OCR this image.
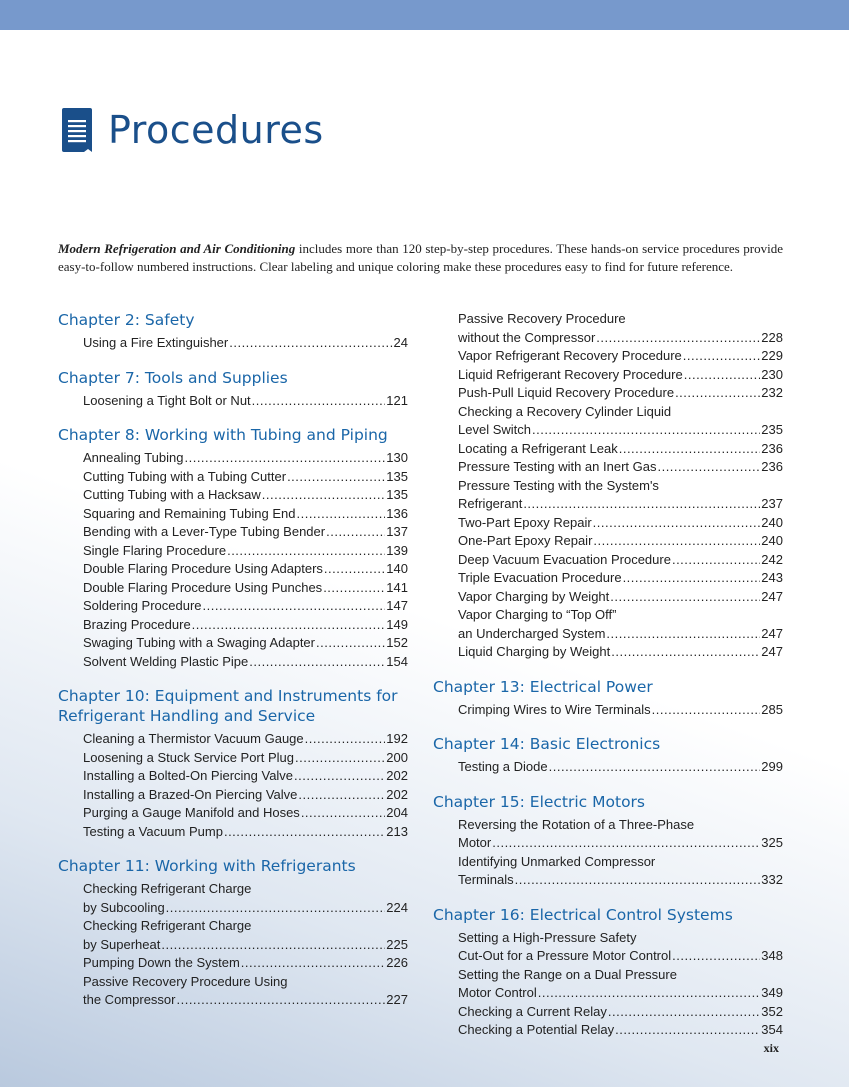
Procedures
Modern Refrigeration and Air Conditioning includes more than 120 step-by-step procedures. These hands-on service procedures provide easy-to-follow numbered instructions. Clear labeling and unique coloring make these procedures easy to find for future reference.
Chapter 2: Safety
Using a Fire Extinguisher .....	24
Chapter 7: Tools and Supplies
Loosening a Tight Bolt or Nut .....	121
Chapter 8: Working with Tubing and Piping
Annealing Tubing .....	130
Cutting Tubing with a Tubing Cutter .....	135
Cutting Tubing with a Hacksaw .....	135
Squaring and Remaining Tubing End .....	136
Bending with a Lever-Type Tubing Bender .....	137
Single Flaring Procedure .....	139
Double Flaring Procedure Using Adapters .....	140
Double Flaring Procedure Using Punches .....	141
Soldering Procedure .....	147
Brazing Procedure .....	149
Swaging Tubing with a Swaging Adapter .....	152
Solvent Welding Plastic Pipe .....	154
Chapter 10: Equipment and Instruments for Refrigerant Handling and Service
Cleaning a Thermistor Vacuum Gauge .....	192
Loosening a Stuck Service Port Plug .....	200
Installing a Bolted-On Piercing Valve .....	202
Installing a Brazed-On Piercing Valve .....	202
Purging a Gauge Manifold and Hoses .....	204
Testing a Vacuum Pump .....	213
Chapter 11: Working with Refrigerants
Checking Refrigerant Charge
by Subcooling .....	224
Checking Refrigerant Charge
by Superheat .....	225
Pumping Down the System .....	226
Passive Recovery Procedure Using
the Compressor .....	227
Passive Recovery Procedure
without the Compressor .....	228
Vapor Refrigerant Recovery Procedure .....	229
Liquid Refrigerant Recovery Procedure .....	230
Push-Pull Liquid Recovery Procedure .....	232
Checking a Recovery Cylinder Liquid
Level Switch .....	235
Locating a Refrigerant Leak .....	236
Pressure Testing with an Inert Gas .....	236
Pressure Testing with the System's
Refrigerant .....	237
Two-Part Epoxy Repair .....	240
One-Part Epoxy Repair .....	240
Deep Vacuum Evacuation Procedure .....	242
Triple Evacuation Procedure .....	243
Vapor Charging by Weight .....	247
Vapor Charging to “Top Off”
an Undercharged System .....	247
Liquid Charging by Weight .....	247
Chapter 13: Electrical Power
Crimping Wires to Wire Terminals .....	285
Chapter 14: Basic Electronics
Testing a Diode .....	299
Chapter 15: Electric Motors
Reversing the Rotation of a Three-Phase
Motor .....	325
Identifying Unmarked Compressor
Terminals .....	332
Chapter 16: Electrical Control Systems
Setting a High-Pressure Safety
Cut-Out for a Pressure Motor Control .....	348
Setting the Range on a Dual Pressure
Motor Control .....	349
Checking a Current Relay .....	352
Checking a Potential Relay .....	354
xix
